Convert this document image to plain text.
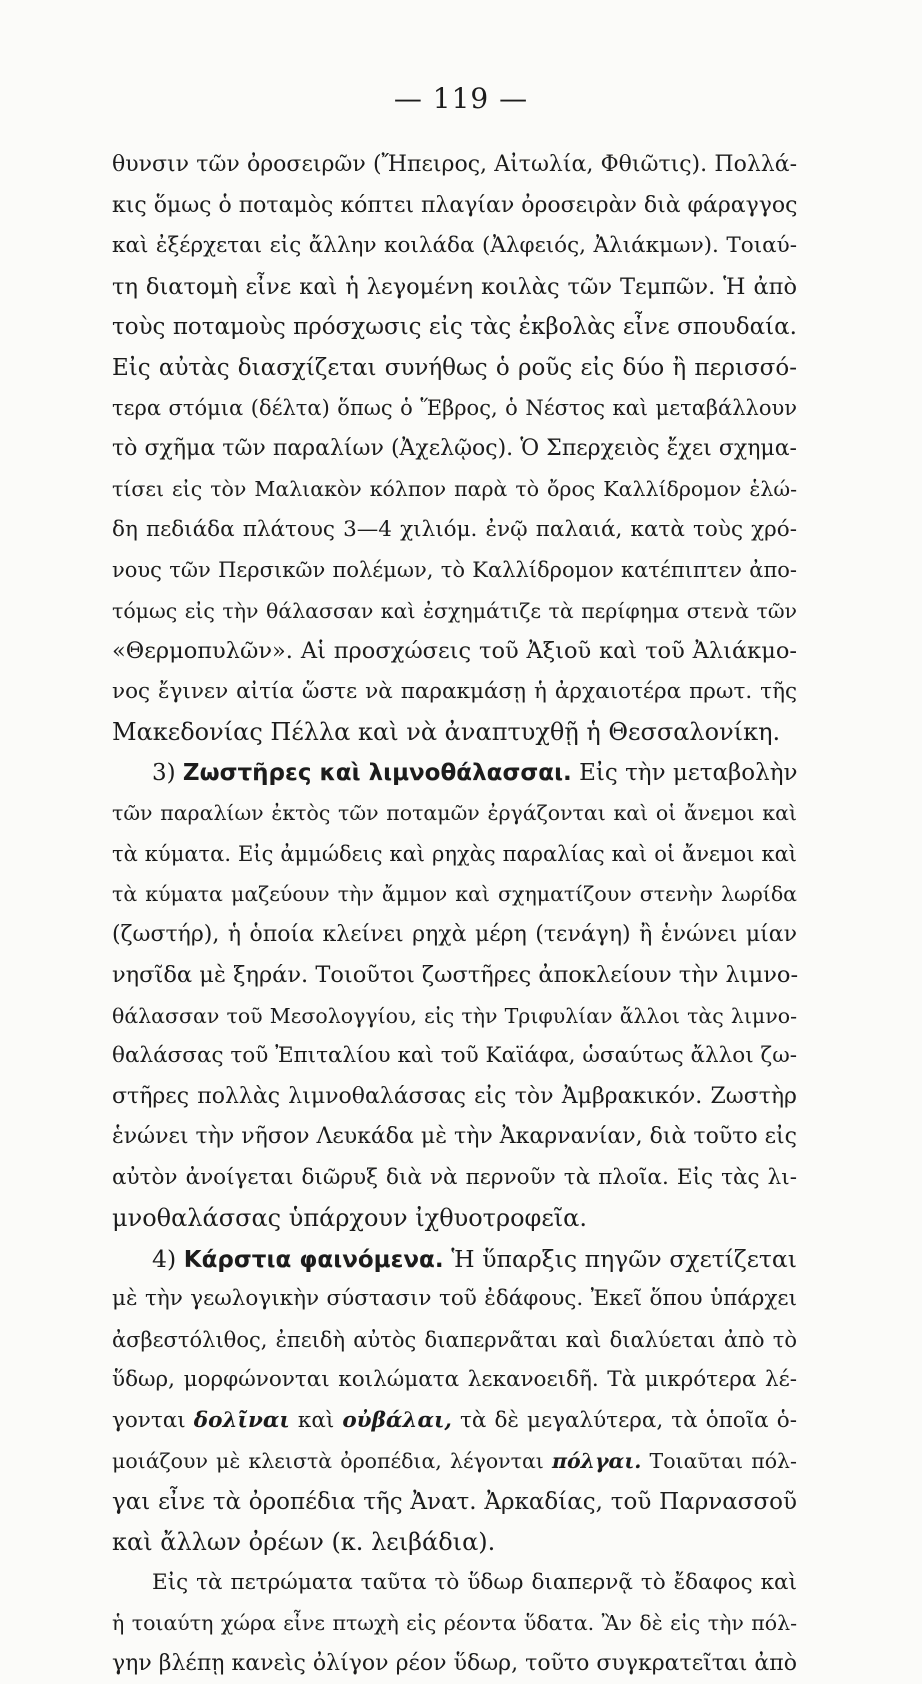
— 119 —
θυνσιν τῶν ὀροσειρῶν (Ἤπειρος, Αἰτωλία, Φθιῶτις). Πολλά-
κις ὅμως ὁ ποταμὸς κόπτει πλαγίαν ὀροσειρὰν διὰ φάραγγος
καὶ ἐξέρχεται εἰς ἄλλην κοιλάδα (Ἀλφειός, Ἀλιάκμων). Τοιαύ-
τη διατομὴ εἶνε καὶ ἡ λεγομένη κοιλὰς τῶν Τεμπῶν. Ἡ ἀπὸ
τοὺς ποταμοὺς πρόσχωσις εἰς τὰς ἐκβολὰς εἶνε σπουδαία.
Εἰς αὐτὰς διασχίζεται συνήθως ὁ ροῦς εἰς δύο ἢ περισσό-
τερα στόμια (δέλτα) ὅπως ὁ Ἕβρος, ὁ Νέστος καὶ μεταβάλλουν
τὸ σχῆμα τῶν παραλίων (Ἀχελῷος). Ὁ Σπερχειὸς ἔχει σχημα-
τίσει εἰς τὸν Μαλιακὸν κόλπον παρὰ τὸ ὄρος Καλλίδρομον ἑλώ-
δη πεδιάδα πλάτους 3—4 χιλιόμ. ἐνῷ παλαιά, κατὰ τοὺς χρό-
νους τῶν Περσικῶν πολέμων, τὸ Καλλίδρομον κατέπιπτεν ἀπο-
τόμως εἰς τὴν θάλασσαν καὶ ἐσχημάτιζε τὰ περίφημα στενὰ τῶν
«Θερμοπυλῶν». Αἱ προσχώσεις τοῦ Ἀξιοῦ καὶ τοῦ Ἀλιάκμο-
νος ἔγινεν αἰτία ὥστε νὰ παρακμάσῃ ἡ ἀρχαιοτέρα πρωτ. τῆς
Μακεδονίας Πέλλα καὶ νὰ ἀναπτυχθῇ ἡ Θεσσαλονίκη.
3) Ζωστῆρες καὶ λιμνοθάλασσαι. Εἰς τὴν μεταβολὴν
τῶν παραλίων ἐκτὸς τῶν ποταμῶν ἐργάζονται καὶ οἱ ἄνεμοι καὶ
τὰ κύματα. Εἰς ἀμμώδεις καὶ ρηχὰς παραλίας καὶ οἱ ἄνεμοι καὶ
τὰ κύματα μαζεύουν τὴν ἄμμον καὶ σχηματίζουν στενὴν λωρίδα
(ζωστήρ), ἡ ὁποία κλείνει ρηχὰ μέρη (τενάγη) ἢ ἑνώνει μίαν
νησῖδα μὲ ξηράν. Τοιοῦτοι ζωστῆρες ἀποκλείουν τὴν λιμνο-
θάλασσαν τοῦ Μεσολογγίου, εἰς τὴν Τριφυλίαν ἄλλοι τὰς λιμνο-
θαλάσσας τοῦ Ἐπιταλίου καὶ τοῦ Καϊάφα, ὡσαύτως ἄλλοι ζω-
στῆρες πολλὰς λιμνοθαλάσσας εἰς τὸν Ἀμβρακικόν. Ζωστὴρ
ἑνώνει τὴν νῆσον Λευκάδα μὲ τὴν Ἀκαρνανίαν, διὰ τοῦτο εἰς
αὐτὸν ἀνοίγεται διῶρυξ διὰ νὰ περνοῦν τὰ πλοῖα. Εἰς τὰς λι-
μνοθαλάσσας ὑπάρχουν ἰχθυοτροφεῖα.
4) Κάρστια φαινόμενα. Ἡ ὕπαρξις πηγῶν σχετίζεται
μὲ τὴν γεωλογικὴν σύστασιν τοῦ ἐδάφους. Ἐκεῖ ὅπου ὑπάρχει
ἀσβεστόλιθος, ἐπειδὴ αὐτὸς διαπερνᾶται καὶ διαλύεται ἀπὸ τὸ
ὕδωρ, μορφώνονται κοιλώματα λεκανοειδῆ. Τὰ μικρότερα λέ-
γονται δολῖναι καὶ οὐβάλαι, τὰ δὲ μεγαλύτερα, τὰ ὁποῖα ὁ-
μοιάζουν μὲ κλειστὰ ὀροπέδια, λέγονται πόλγαι. Τοιαῦται πόλ-
γαι εἶνε τὰ ὀροπέδια τῆς Ἀνατ. Ἀρκαδίας, τοῦ Παρνασσοῦ
καὶ ἄλλων ὀρέων (κ. λειβάδια).
Εἰς τὰ πετρώματα ταῦτα τὸ ὕδωρ διαπερνᾷ τὸ ἔδαφος καὶ
ἡ τοιαύτη χώρα εἶνε πτωχὴ εἰς ρέοντα ὕδατα. Ἂν δὲ εἰς τὴν πόλ-
γην βλέπῃ κανεὶς ὀλίγον ρέον ὕδωρ, τοῦτο συγκρατεῖται ἀπὸ
